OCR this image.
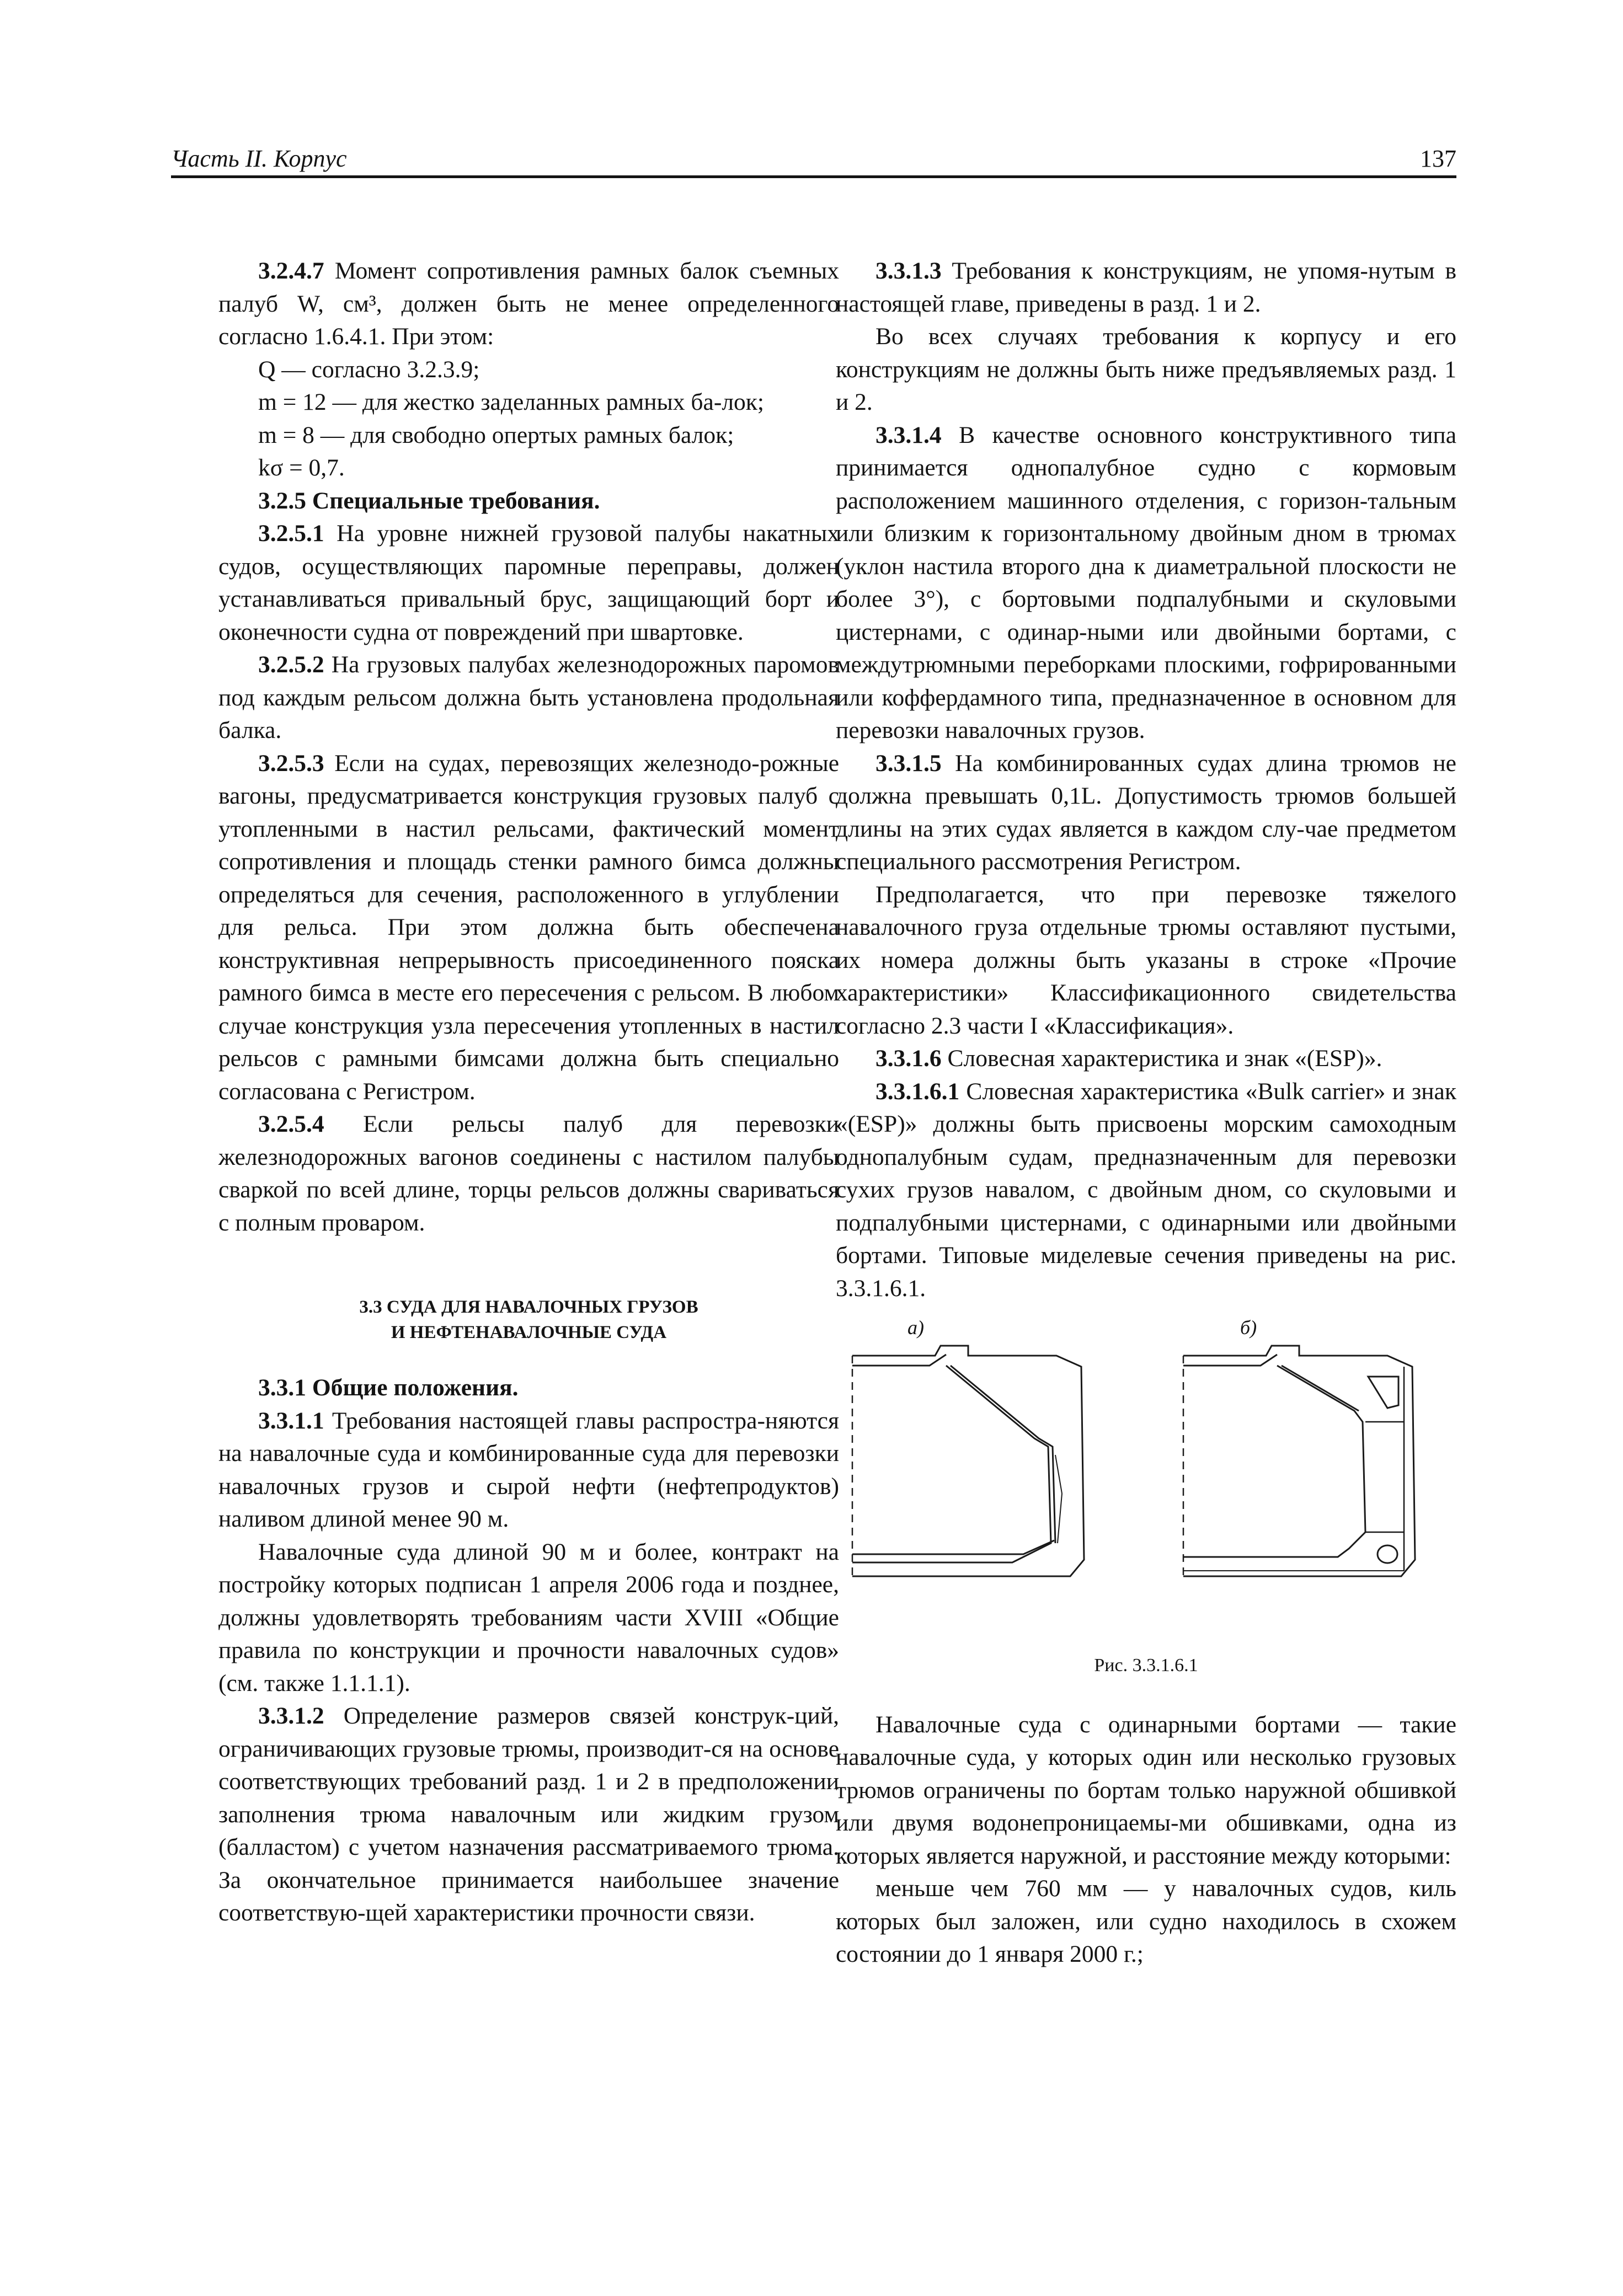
Часть II. Корпус	137

3.2.4.7 Момент сопротивления рамных балок съемных палуб W, см³, должен быть не менее определенного согласно 1.6.4.1. При этом:

Q — согласно 3.2.3.9;

m = 12 — для жестко заделанных рамных ба-лок;

m = 8 — для свободно опертых рамных балок;

kσ = 0,7.

3.2.5 Специальные требования.

3.2.5.1 На уровне нижней грузовой палубы накатных судов, осуществляющих паромные переправы, должен устанавливаться привальный брус, защищающий борт и оконечности судна от повреждений при швартовке.

3.2.5.2 На грузовых палубах железнодорожных паромов под каждым рельсом должна быть установлена продольная балка.

3.2.5.3 Если на судах, перевозящих железнодо-рожные вагоны, предусматривается конструкция грузовых палуб с утопленными в настил рельсами, фактический момент сопротивления и площадь стенки рамного бимса должны определяться для сечения, расположенного в углублении для рельса. При этом должна быть обеспечена конструктивная непрерывность присоединенного пояска рамного бимса в месте его пересечения с рельсом. В любом случае конструкция узла пересечения утопленных в настил рельсов с рамными бимсами должна быть специально согласована с Регистром.

3.2.5.4 Если рельсы палуб для перевозки железнодорожных вагонов соединены с настилом палубы сваркой по всей длине, торцы рельсов должны свариваться с полным проваром.

3.3 СУДА ДЛЯ НАВАЛОЧНЫХ ГРУЗОВ

И НЕФТЕНАВАЛОЧНЫЕ СУДА

3.3.1 Общие положения.

3.3.1.1 Требования настоящей главы распростра-няются на навалочные суда и комбинированные суда для перевозки навалочных грузов и сырой нефти (нефтепродуктов) наливом длиной менее 90 м.

Навалочные суда длиной 90 м и более, контракт на постройку которых подписан 1 апреля 2006 года и позднее, должны удовлетворять требованиям части XVIII «Общие правила по конструкции и прочности навалочных судов» (см. также 1.1.1.1).

3.3.1.2 Определение размеров связей конструк-ций, ограничивающих грузовые трюмы, производит-ся на основе соответствующих требований разд. 1 и 2 в предположении заполнения трюма навалочным или жидким грузом (балластом) с учетом назначения рассматриваемого трюма. За окончательное принимается наибольшее значение соответствую-щей характеристики прочности связи.

3.3.1.3 Требования к конструкциям, не упомя-нутым в настоящей главе, приведены в разд. 1 и 2.

Во всех случаях требования к корпусу и его конструкциям не должны быть ниже предъявляемых разд. 1 и 2.

3.3.1.4 В качестве основного конструктивного типа принимается однопалубное судно с кормовым расположением машинного отделения, с горизон-тальным или близким к горизонтальному двойным дном в трюмах (уклон настила второго дна к диаметральной плоскости не более 3°), с бортовыми подпалубными и скуловыми цистернами, с одинар-ными или двойными бортами, с междутрюмными переборками плоскими, гофрированными или коффердамного типа, предназначенное в основном для перевозки навалочных грузов.

3.3.1.5 На комбинированных судах длина трюмов не должна превышать 0,1L. Допустимость трюмов большей длины на этих судах является в каждом слу-чае предметом специального рассмотрения Регистром.

Предполагается, что при перевозке тяжелого навалочного груза отдельные трюмы оставляют пустыми, их номера должны быть указаны в строке «Прочие характеристики» Классификационного свидетельства согласно 2.3 части I «Классификация».

3.3.1.6 Словесная характеристика и знак «(ESP)».

3.3.1.6.1 Словесная характеристика «Bulk carrier» и знак «(ESP)» должны быть присвоены морским самоходным однопалубным судам, предназначенным для перевозки сухих грузов навалом, с двойным дном, со скуловыми и подпалубными цистернами, с одинарными или двойными бортами. Типовые миделевые сечения приведены на рис. 3.3.1.6.1.

а)	б)

Рис. 3.3.1.6.1

Навалочные суда с одинарными бортами — такие навалочные суда, у которых один или несколько грузовых трюмов ограничены по бортам только наружной обшивкой или двумя водонепроницаемы-ми обшивками, одна из которых является наружной, и расстояние между которыми:

меньше чем 760 мм — у навалочных судов, киль которых был заложен, или судно находилось в схожем состоянии до 1 января 2000 г.;
